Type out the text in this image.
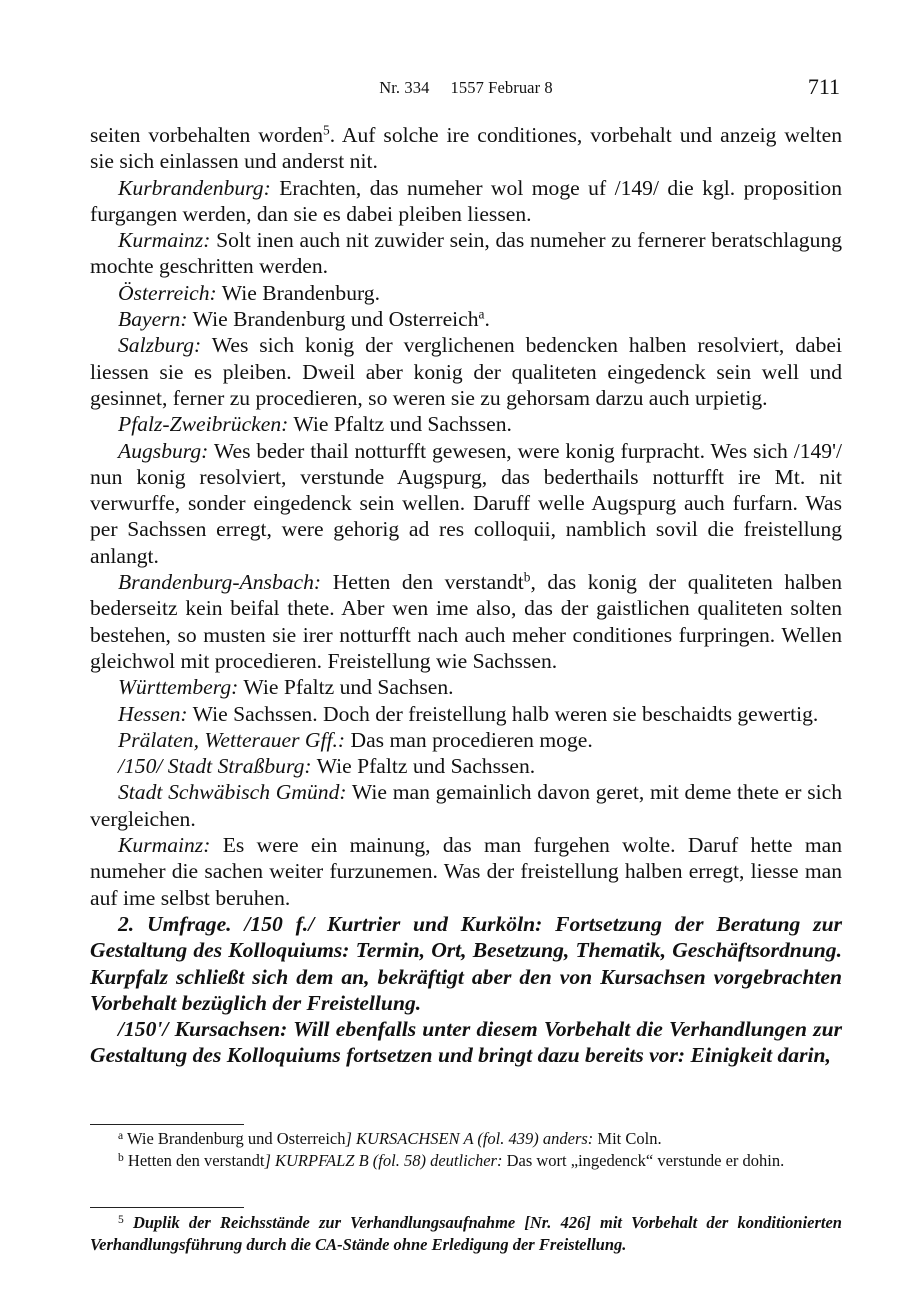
Nr. 334     1557 Februar 8	711

seiten vorbehalten worden$^5$. Auf solche ire conditiones, vorbehalt und anzeig welten sie sich einlassen und anderst nit.

Kurbrandenburg: Erachten, das numeher wol moge uf /149/ die kgl. proposition furgangen werden, dan sie es dabei pleiben liessen.

Kurmainz: Solt inen auch nit zuwider sein, das numeher zu fernerer beratschlagung mochte geschritten werden.

Österreich: Wie Brandenburg.

Bayern: Wie Brandenburg und Osterreich$^a$.

Salzburg: Wes sich konig der verglichenen bedencken halben resolviert, dabei liessen sie es pleiben. Dweil aber konig der qualiteten eingedenck sein well und gesinnet, ferner zu procedieren, so weren sie zu gehorsam darzu auch urpietig.

Pfalz-Zweibrücken: Wie Pfaltz und Sachssen.

Augsburg: Wes beder thail notturfft gewesen, were konig furpracht. Wes sich /149'/ nun konig resolviert, verstunde Augspurg, das bederthails notturfft ire Mt. nit verwurffe, sonder eingedenck sein wellen. Daruff welle Augspurg auch furfarn. Was per Sachssen erregt, were gehorig ad res colloquii, namblich sovil die freistellung anlangt.

Brandenburg-Ansbach: Hetten den verstandt$^b$, das konig der qualiteten halben bederseitz kein beifal thete. Aber wen ime also, das der gaistlichen qualiteten solten bestehen, so musten sie irer notturfft nach auch meher conditiones furpringen. Wellen gleichwol mit procedieren. Freistellung wie Sachssen.

Württemberg: Wie Pfaltz und Sachsen.

Hessen: Wie Sachssen. Doch der freistellung halb weren sie beschaidts gewertig.

Prälaten, Wetterauer Gff.: Das man procedieren moge.

/150/ Stadt Straßburg: Wie Pfaltz und Sachssen.

Stadt Schwäbisch Gmünd: Wie man gemainlich davon geret, mit deme thete er sich vergleichen.

Kurmainz: Es were ein mainung, das man furgehen wolte. Daruf hette man numeher die sachen weiter furzunemen. Was der freistellung halben erregt, liesse man auf ime selbst beruhen.

2. Umfrage. /150 f./ Kurtrier und Kurköln: Fortsetzung der Beratung zur Gestaltung des Kolloquiums: Termin, Ort, Besetzung, Thematik, Geschäftsordnung. Kurpfalz schließt sich dem an, bekräftigt aber den von Kursachsen vorgebrachten Vorbehalt bezüglich der Freistellung.

/150'/ Kursachsen: Will ebenfalls unter diesem Vorbehalt die Verhandlungen zur Gestaltung des Kolloquiums fortsetzen und bringt dazu bereits vor: Einigkeit darin,

$^a$ Wie Brandenburg und Osterreich] KURSACHSEN A (fol. 439) anders: Mit Coln.

$^b$ Hetten den verstandt] KURPFALZ B (fol. 58) deutlicher: Das wort „ingedenck“ verstunde er dohin.

$^5$ Duplik der Reichsstände zur Verhandlungsaufnahme [Nr. 426] mit Vorbehalt der konditionierten Verhandlungsführung durch die CA-Stände ohne Erledigung der Freistellung.
